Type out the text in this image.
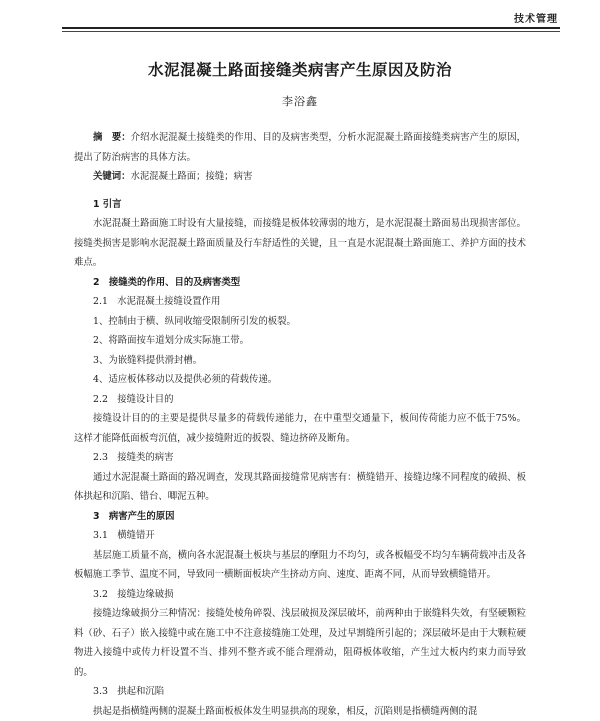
技术管理
水泥混凝土路面接缝类病害产生原因及防治
李浴鑫

摘　要：介绍水泥混凝土接缝类的作用、目的及病害类型，分析水泥混凝土路面接缝类病害产生的原因，提出了防治病害的具体方法。

关键词：水泥混凝土路面；接缝；病害

1 引言

水泥混凝土路面施工时设有大量接缝，而接缝是板体较薄弱的地方，是水泥混凝土路面易出现损害部位。接缝类损害是影响水泥混凝土路面质量及行车舒适性的关键，且一直是水泥混凝土路面施工、养护方面的技术难点。

2　接缝类的作用、目的及病害类型

2.1　水泥混凝土接缝设置作用

1、控制由于横、纵同收缩受限制所引发的板裂。

2、将路面按车道划分成实际施工带。

3、为嵌缝料提供滑封槽。

4、适应板体移动以及提供必须的荷载传递。

2.2　接缝设计目的

接缝设计目的的主要是提供尽量多的荷载传递能力，在中重型交通量下，板间传荷能力应不低于75%。这样才能降低面板弯沉值，减少接缝附近的扳裂、缝边挤碎及断角。

2.3　接缝类的病害

通过水泥混凝土路面的路况调查，发现其路面接缝常见病害有：横缝错开、接缝边缘不同程度的破损、板体拱起和沉陷、错台、唧泥五种。

3　病害产生的原因

3.1　横缝错开

基层施工质量不高，横向各水泥混凝土板块与基层的摩阻力不均匀，或各板幅受不均匀车辆荷载冲击及各板幅施工季节、温度不同，导致同一横断面板块产生挤动方向、速度、距离不同，从而导致横缝错开。

3.2　接缝边缘破损

接缝边缘破损分三种情况：接缝处棱角碎裂、浅层破损及深层破坏，前两种由于嵌缝料失效，有坚硬颗粒料（砂、石子）嵌入接缝中或在施工中不注意接缝施工处理，及过早割缝所引起的；深层破坏是由于大颗粒硬物进入接缝中或传力杆设置不当、排列不整齐或不能合理滑动，阻碍板体收缩，产生过大板内约束力而导致的。

3.3　拱起和沉陷

拱起是指横缝两侧的混凝土路面板板体发生明显拱高的现象，相反，沉陷则是指横缝两侧的混
